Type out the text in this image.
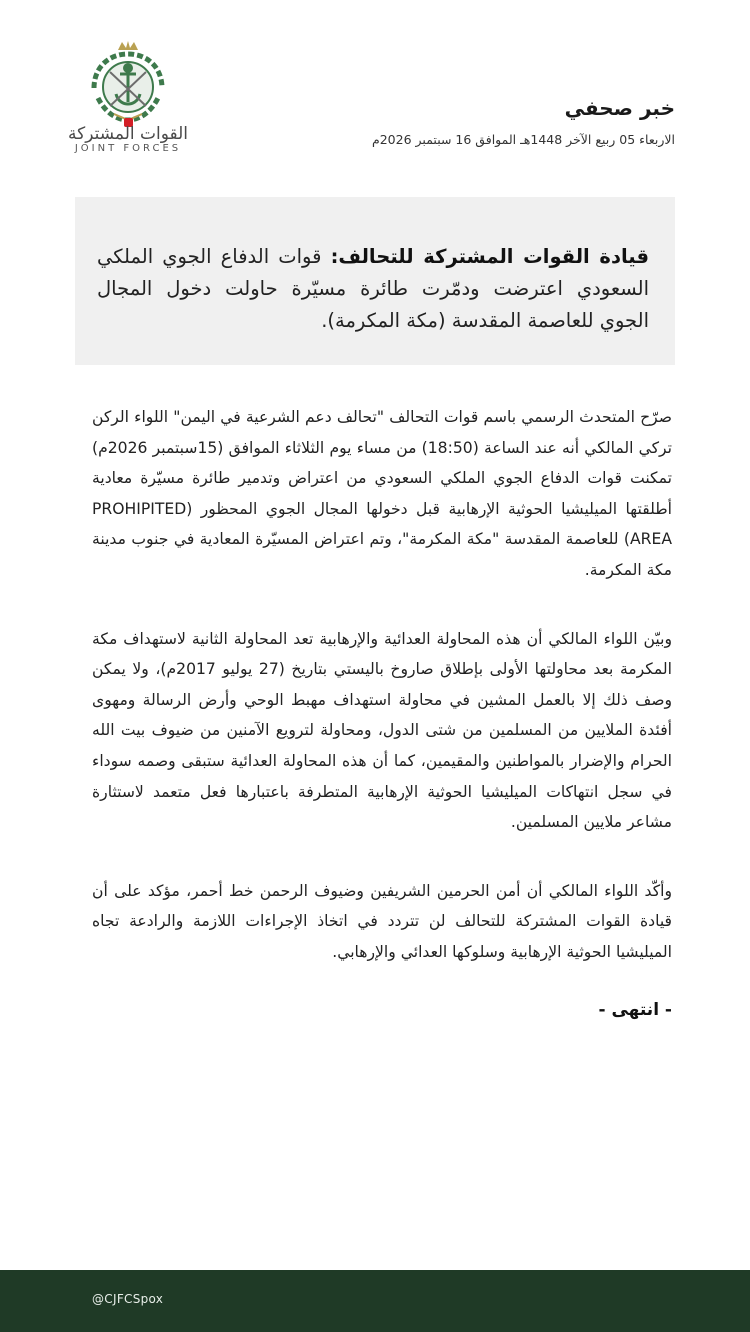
القوات المشتركة
JOINT FORCES
خبر صحفي
الاربعاء 05 ربيع الآخر 1448هـ الموافق 16 سبتمبر 2026م

قيادة القوات المشتركة للتحالف: قوات الدفاع الجوي الملكي السعودي اعترضت ودمّرت طائرة مسيّرة حاولت دخول المجال الجوي للعاصمة المقدسة (مكة المكرمة).

صرّح المتحدث الرسمي باسم قوات التحالف "تحالف دعم الشرعية في اليمن" اللواء الركن تركي المالكي أنه عند الساعة (18:50) من مساء يوم الثلاثاء الموافق (15سبتمبر 2026م) تمكنت قوات الدفاع الجوي الملكي السعودي من اعتراض وتدمير طائرة مسيّرة معادية أطلقتها الميليشيا الحوثية الإرهابية قبل دخولها المجال الجوي المحظور (PROHIPITED AREA) للعاصمة المقدسة "مكة المكرمة"، وتم اعتراض المسيّرة المعادية في جنوب مدينة مكة المكرمة.

وبيّن اللواء المالكي أن هذه المحاولة العدائية والإرهابية تعد المحاولة الثانية لاستهداف مكة المكرمة بعد محاولتها الأولى بإطلاق صاروخ باليستي بتاريخ (27 يوليو 2017م)، ولا يمكن وصف ذلك إلا بالعمل المشين في محاولة استهداف مهبط الوحي وأرض الرسالة ومهوى أفئدة الملايين من المسلمين من شتى الدول، ومحاولة لترويع الآمنين من ضيوف بيت الله الحرام والإضرار بالمواطنين والمقيمين، كما أن هذه المحاولة العدائية ستبقى وصمه سوداء في سجل انتهاكات الميليشيا الحوثية الإرهابية المتطرفة باعتبارها فعل متعمد لاستثارة مشاعر ملايين المسلمين.

وأكّد اللواء المالكي أن أمن الحرمين الشريفين وضيوف الرحمن خط أحمر، مؤكد على أن قيادة القوات المشتركة للتحالف لن تتردد في اتخاذ الإجراءات اللازمة والرادعة تجاه الميليشيا الحوثية الإرهابية وسلوكها العدائي والإرهابي.

- انتهى -
@CJFCSpox
